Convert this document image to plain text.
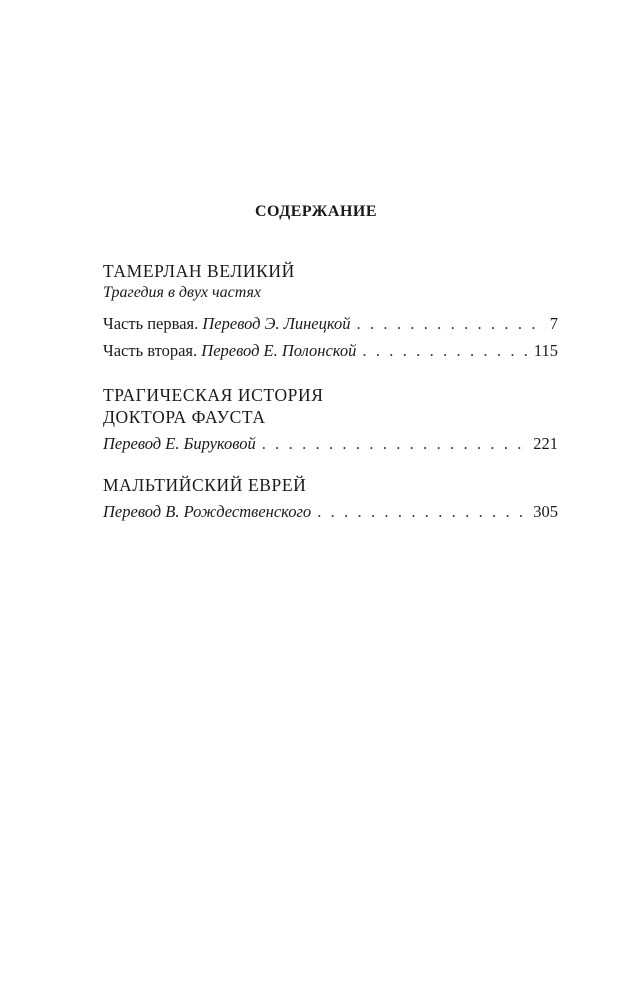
СОДЕРЖАНИЕ
ТАМЕРЛАН ВЕЛИКИЙ
Трагедия в двух частях
Часть первая. Перевод Э. Линецкой . . .	7
Часть вторая. Перевод Е. Полонской . . .	115
ТРАГИЧЕСКАЯ ИСТОРИЯ
ДОКТОРА ФАУСТА
Перевод Е. Бируковой . . .	221
МАЛЬТИЙСКИЙ ЕВРЕЙ
Перевод В. Рождественского . . .	305
